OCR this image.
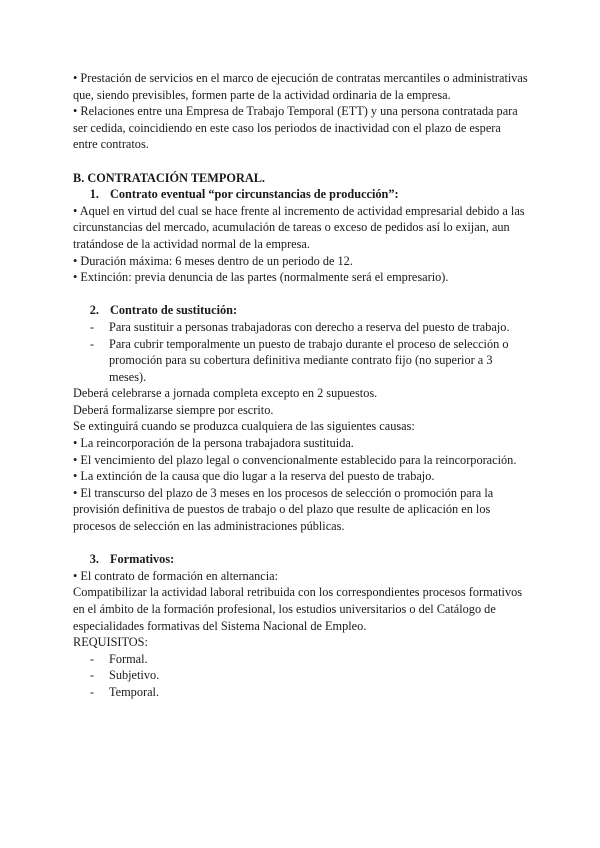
• Prestación de servicios en el marco de ejecución de contratas mercantiles o administrativas que, siendo previsibles, formen parte de la actividad ordinaria de la empresa.

• Relaciones entre una Empresa de Trabajo Temporal (ETT) y una persona contratada para ser cedida, coincidiendo en este caso los periodos de inactividad con el plazo de espera entre contratos.

B. CONTRATACIÓN TEMPORAL.

1. Contrato eventual “por circunstancias de producción”:

• Aquel en virtud del cual se hace frente al incremento de actividad empresarial debido a las circunstancias del mercado, acumulación de tareas o exceso de pedidos así lo exijan, aun tratándose de la actividad normal de la empresa.

• Duración máxima: 6 meses dentro de un periodo de 12.

• Extinción: previa denuncia de las partes (normalmente será el empresario).

2. Contrato de sustitución:
-	Para sustituir a personas trabajadoras con derecho a reserva del puesto de trabajo.
-	Para cubrir temporalmente un puesto de trabajo durante el proceso de selección o promoción para su cobertura definitiva mediante contrato fijo (no superior a 3 meses).

Deberá celebrarse a jornada completa excepto en 2 supuestos.

Deberá formalizarse siempre por escrito.

Se extinguirá cuando se produzca cualquiera de las siguientes causas:

• La reincorporación de la persona trabajadora sustituida.

• El vencimiento del plazo legal o convencionalmente establecido para la reincorporación.

• La extinción de la causa que dio lugar a la reserva del puesto de trabajo.

• El transcurso del plazo de 3 meses en los procesos de selección o promoción para la provisión definitiva de puestos de trabajo o del plazo que resulte de aplicación en los procesos de selección en las administraciones públicas.

3. Formativos:

• El contrato de formación en alternancia:

Compatibilizar la actividad laboral retribuida con los correspondientes procesos formativos en el ámbito de la formación profesional, los estudios universitarios o del Catálogo de especialidades formativas del Sistema Nacional de Empleo.

REQUISITOS:

-	Formal.
-	Subjetivo.
-	Temporal.
